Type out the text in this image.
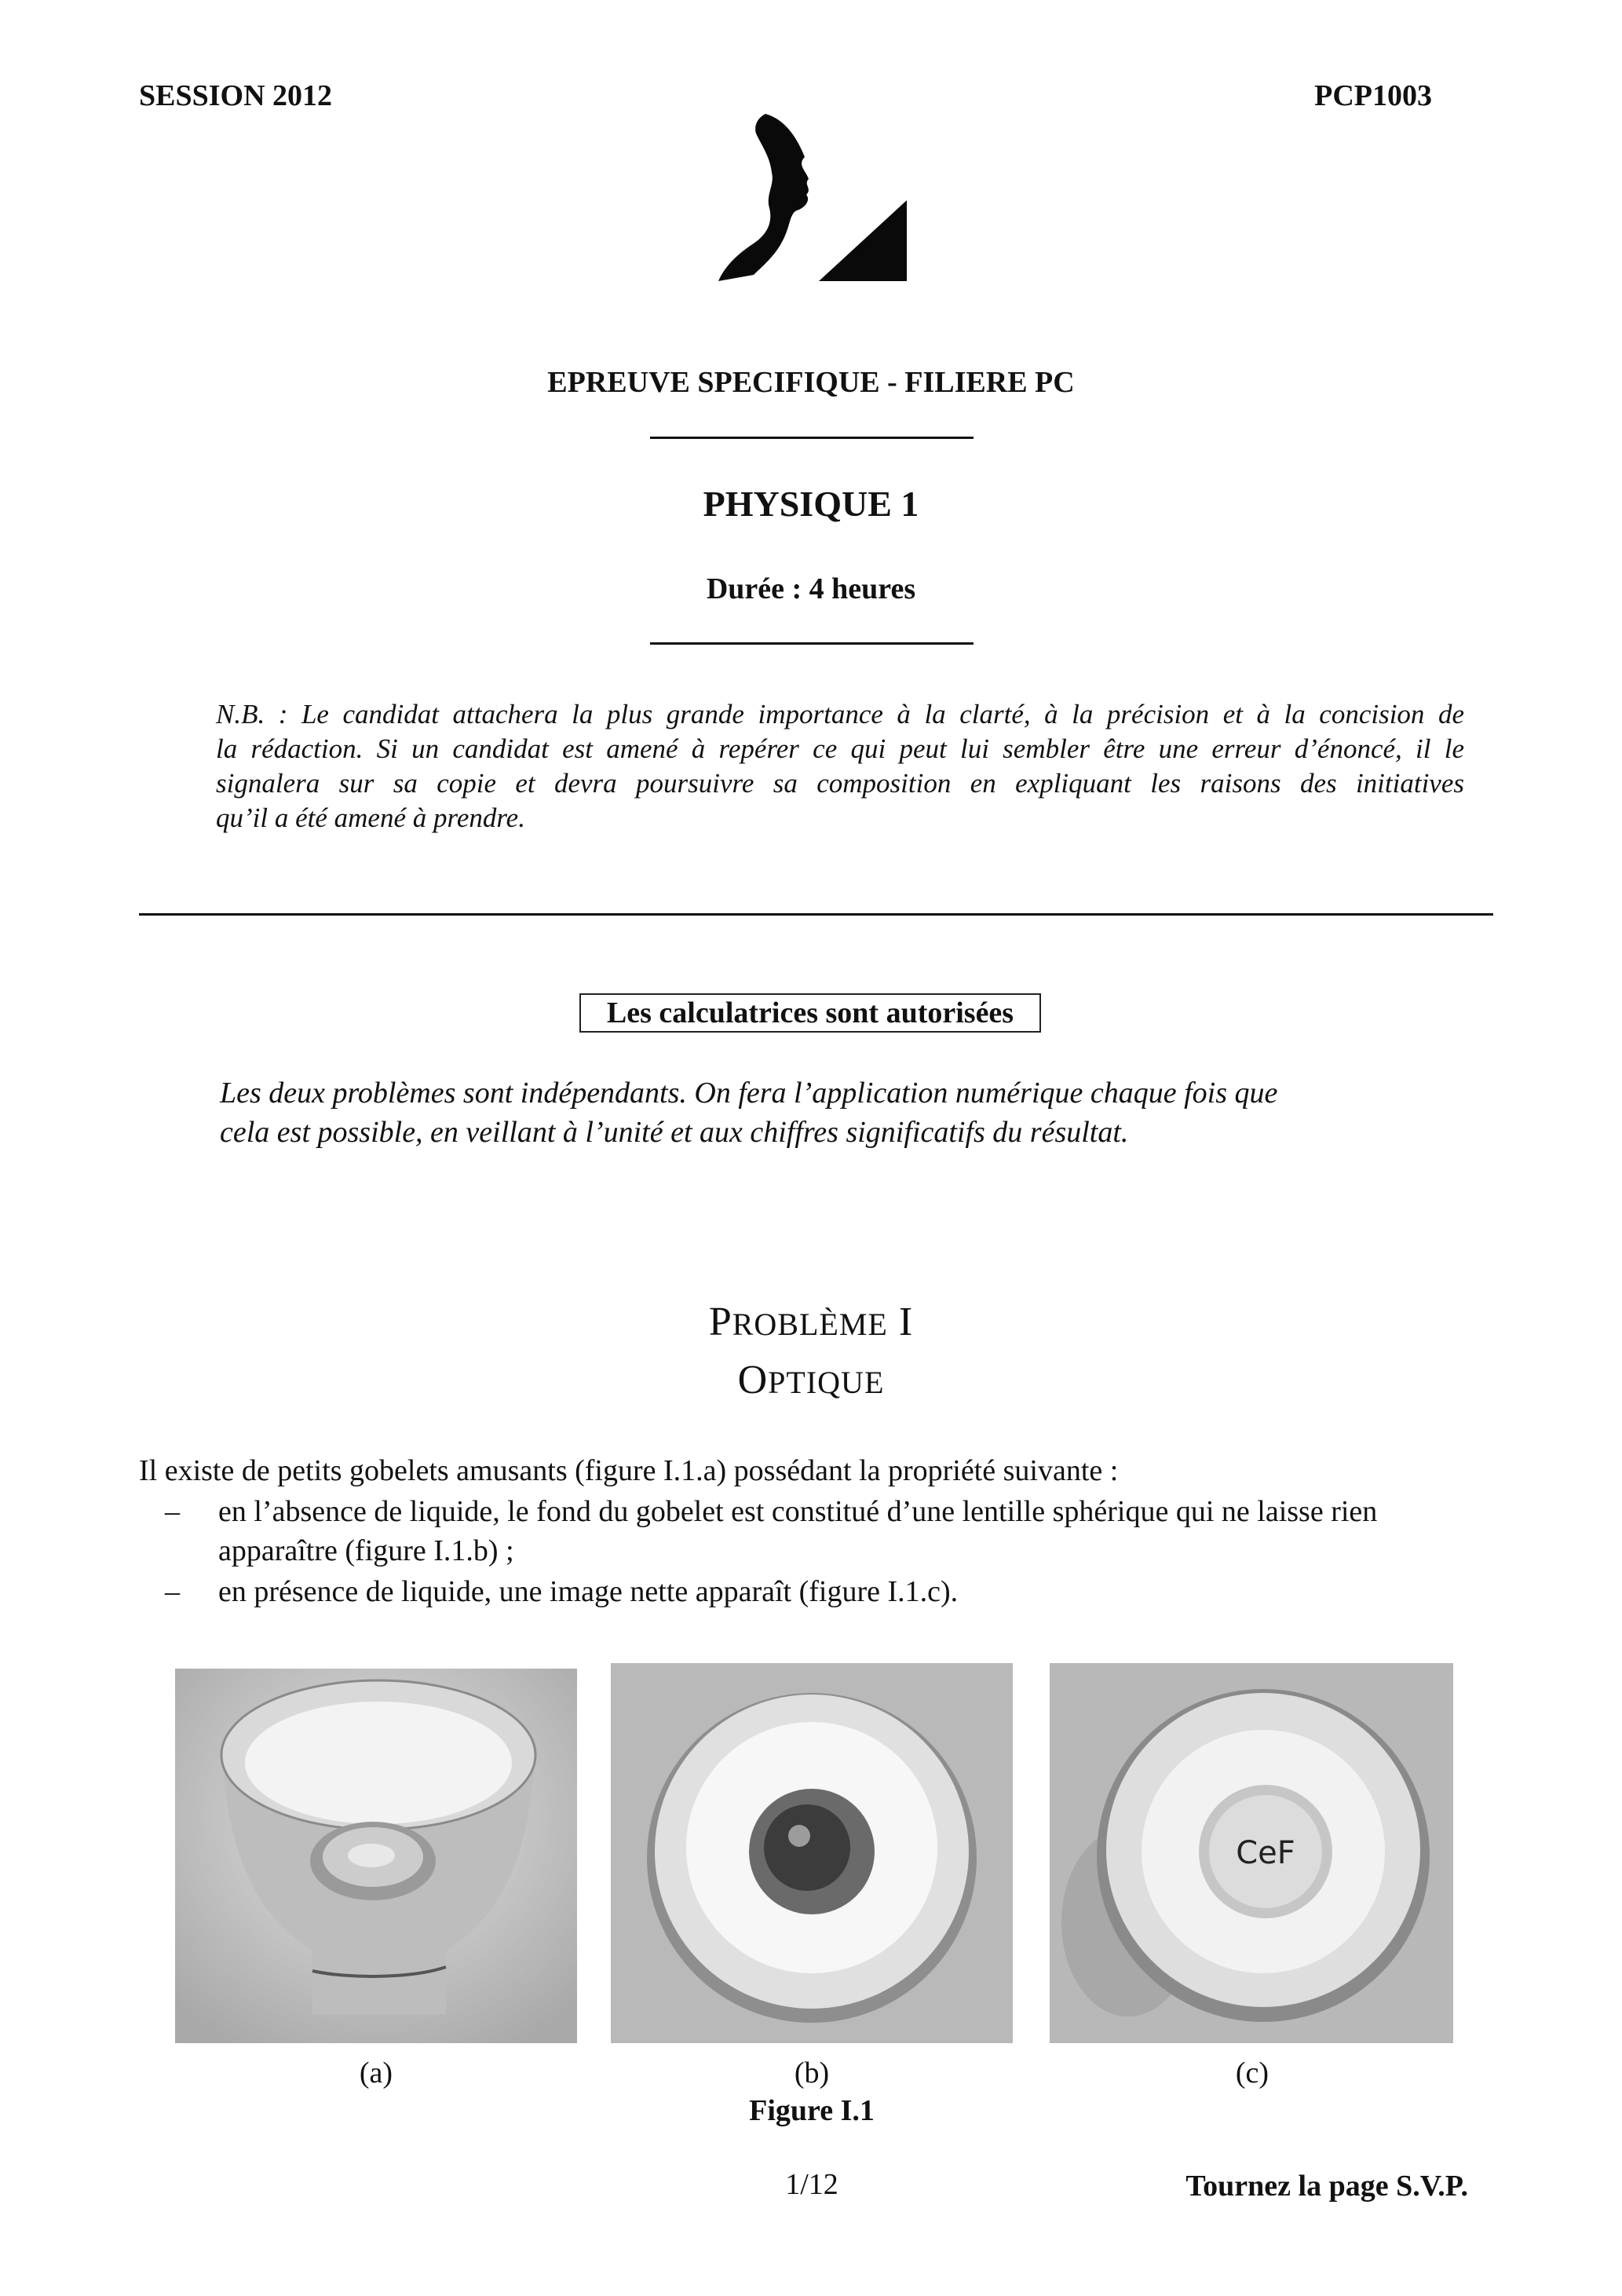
SESSION 2012	PCP1003
EPREUVE SPECIFIQUE - FILIERE PC
PHYSIQUE 1
Durée : 4 heures
N.B. : Le candidat attachera la plus grande importance à la clarté, à la précision et à la concision de
la rédaction. Si un candidat est amené à repérer ce qui peut lui sembler être une erreur d’énoncé, il le
signalera sur sa copie et devra poursuivre sa composition en expliquant les raisons des initiatives
qu’il a été amené à prendre.
Les calculatrices sont autorisées
Les deux problèmes sont indépendants. On fera l’application numérique chaque fois que
cela est possible, en veillant à l’unité et aux chiffres significatifs du résultat.
PROBLÈME I
OPTIQUE
Il existe de petits gobelets amusants (figure I.1.a) possédant la propriété suivante :
– en l’absence de liquide, le fond du gobelet est constitué d’une lentille sphérique qui ne laisse rien
apparaître (figure I.1.b) ;
– en présence de liquide, une image nette apparaît (figure I.1.c).
CeF
(a)	(b)	(c)
Figure I.1
1/12	Tournez la page S.V.P.
